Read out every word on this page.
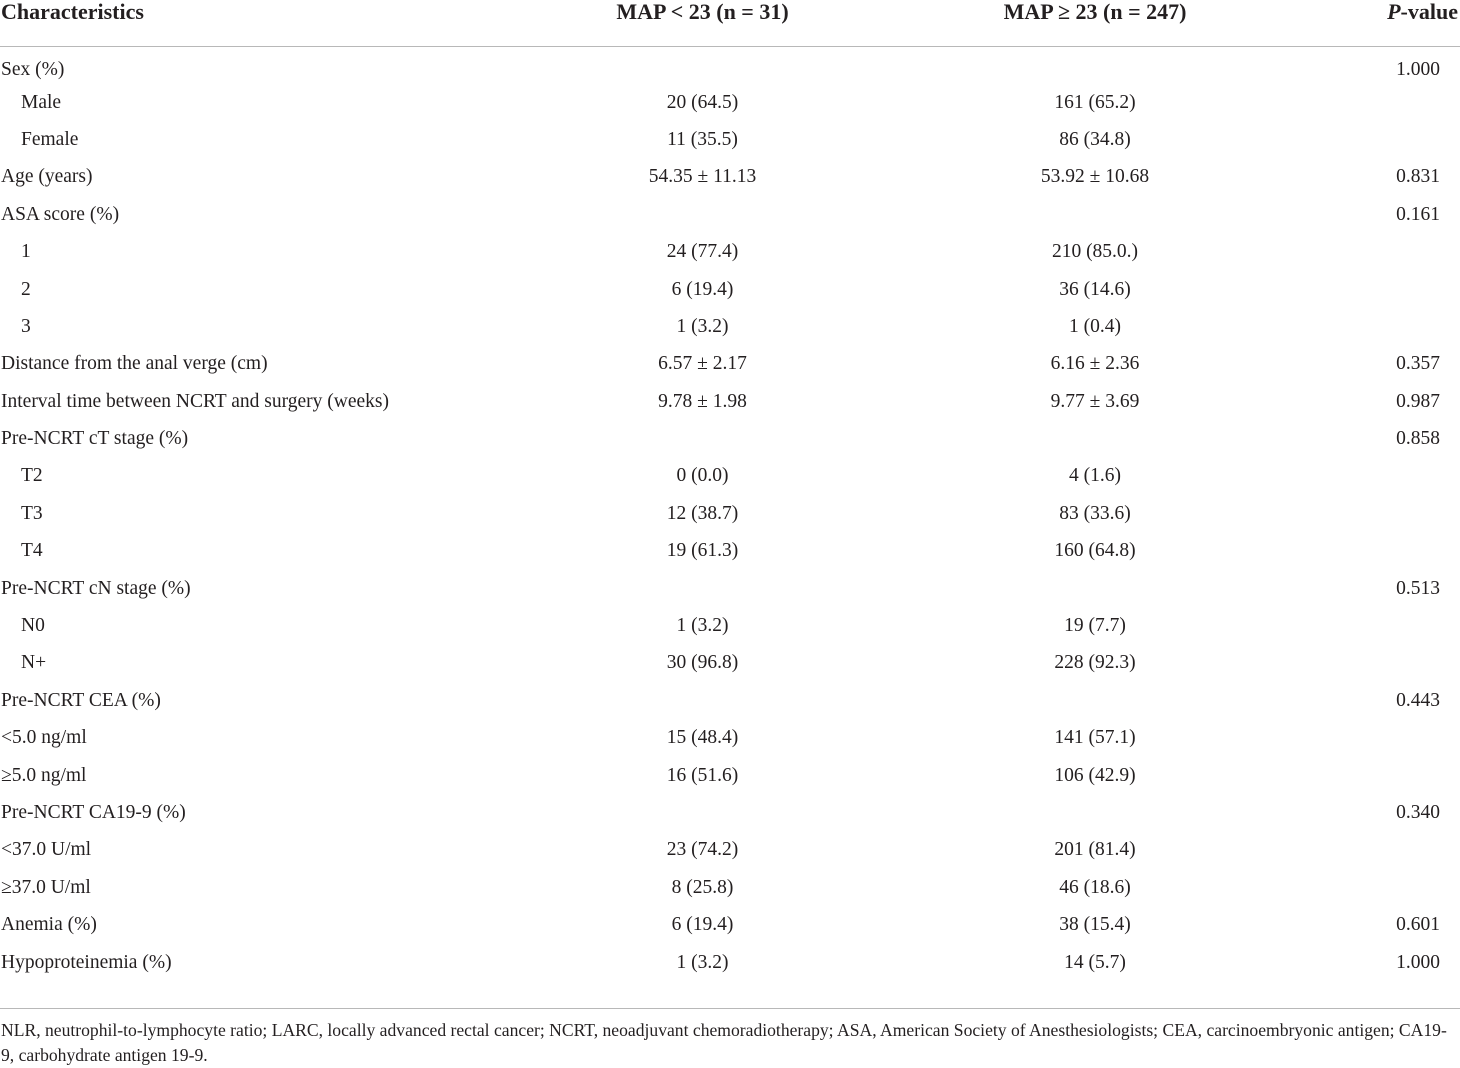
Characteristics	MAP < 23 (n = 31)	MAP ≥ 23 (n = 247)	P-value
Sex (%)			1.000
Male	20 (64.5)	161 (65.2)	
Female	11 (35.5)	86 (34.8)	
Age (years)	54.35 ± 11.13	53.92 ± 10.68	0.831
ASA score (%)			0.161
1	24 (77.4)	210 (85.0.)	
2	6 (19.4)	36 (14.6)	
3	1 (3.2)	1 (0.4)	
Distance from the anal verge (cm)	6.57 ± 2.17	6.16 ± 2.36	0.357
Interval time between NCRT and surgery (weeks)	9.78 ± 1.98	9.77 ± 3.69	0.987
Pre-NCRT cT stage (%)			0.858
T2	0 (0.0)	4 (1.6)	
T3	12 (38.7)	83 (33.6)	
T4	19 (61.3)	160 (64.8)	
Pre-NCRT cN stage (%)			0.513
N0	1 (3.2)	19 (7.7)	
N+	30 (96.8)	228 (92.3)	
Pre-NCRT CEA (%)			0.443
<5.0 ng/ml	15 (48.4)	141 (57.1)	
≥5.0 ng/ml	16 (51.6)	106 (42.9)	
Pre-NCRT CA19-9 (%)			0.340
<37.0 U/ml	23 (74.2)	201 (81.4)	
≥37.0 U/ml	8 (25.8)	46 (18.6)	
Anemia (%)	6 (19.4)	38 (15.4)	0.601
Hypoproteinemia (%)	1 (3.2)	14 (5.7)	1.000
NLR, neutrophil-to-lymphocyte ratio; LARC, locally advanced rectal cancer; NCRT, neoadjuvant chemoradiotherapy; ASA, American Society of Anesthesiologists; CEA, carcinoembryonic antigen; CA19-9, carbohydrate antigen 19-9.
